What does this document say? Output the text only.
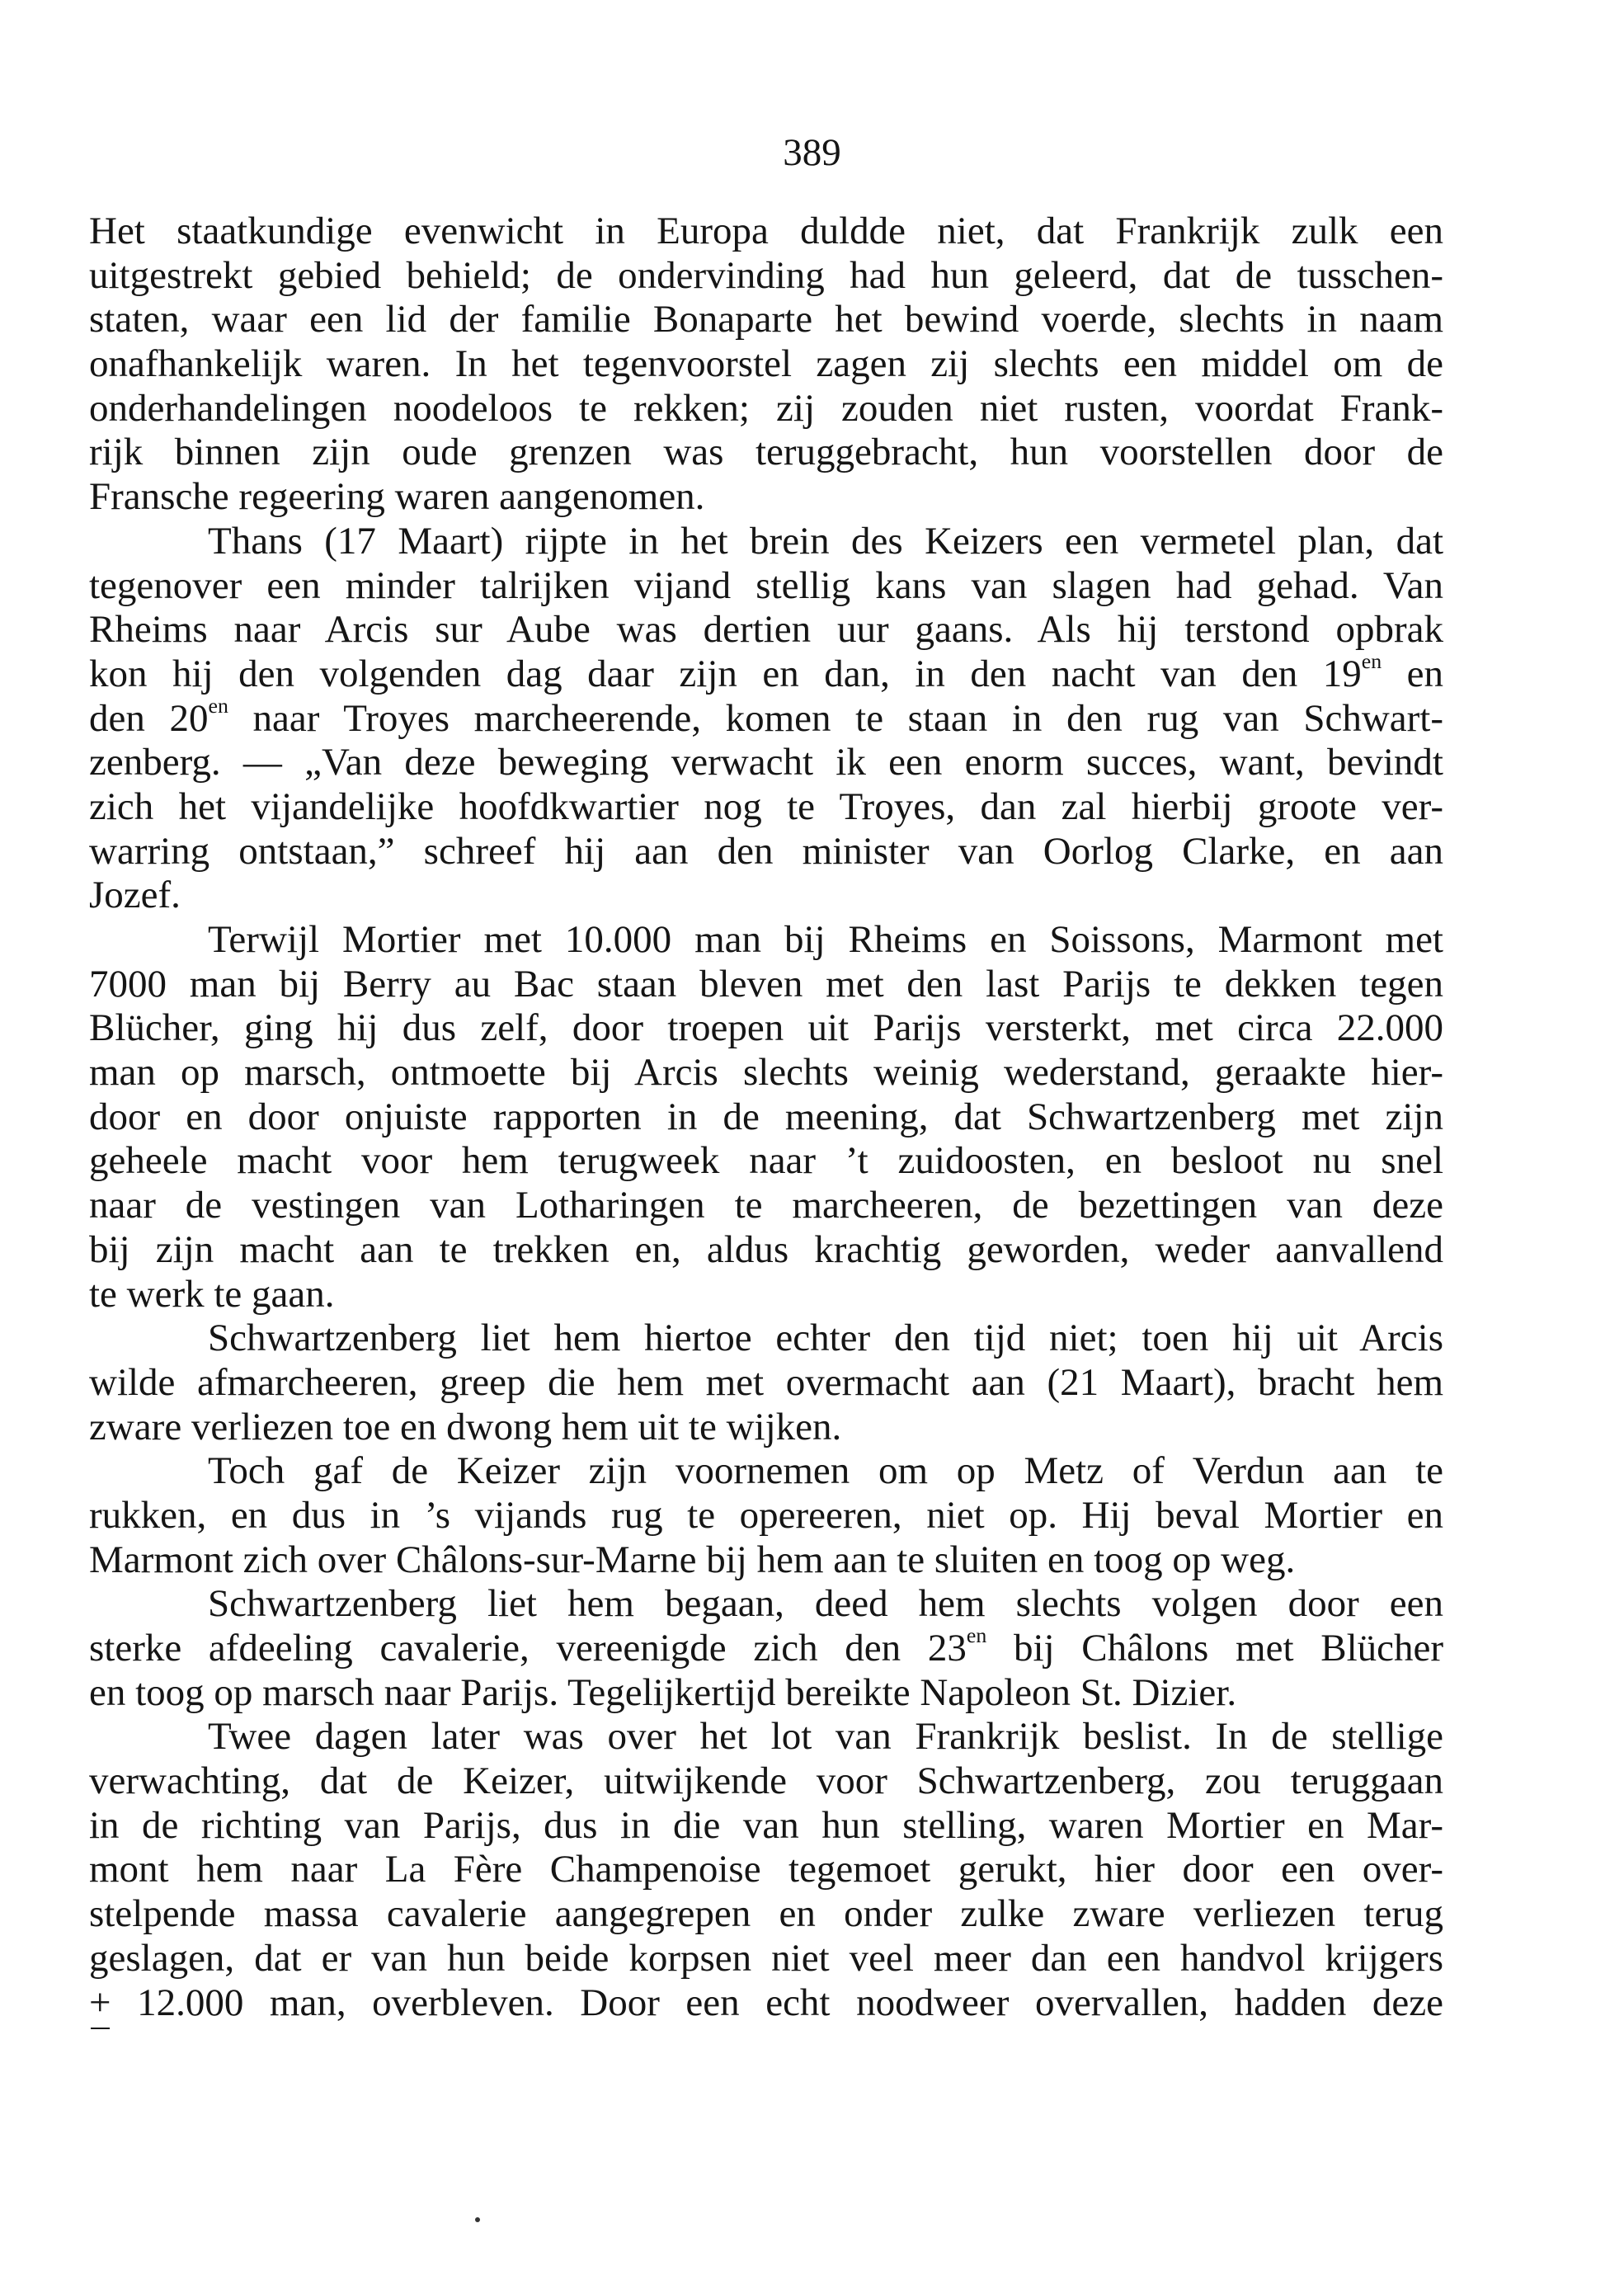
389
Het staatkundige evenwicht in Europa duldde niet, dat Frankrijk zulk een
uitgestrekt gebied behield; de ondervinding had hun geleerd, dat de tusschen-
staten, waar een lid der familie Bonaparte het bewind voerde, slechts in naam
onafhankelijk waren. In het tegenvoorstel zagen zij slechts een middel om de
onderhandelingen noodeloos te rekken; zij zouden niet rusten, voordat Frank-
rijk binnen zijn oude grenzen was teruggebracht, hun voorstellen door de
Fransche regeering waren aangenomen.
Thans (17 Maart) rijpte in het brein des Keizers een vermetel plan, dat
tegenover een minder talrijken vijand stellig kans van slagen had gehad. Van
Rheims naar Arcis sur Aube was dertien uur gaans. Als hij terstond opbrak
kon hij den volgenden dag daar zijn en dan, in den nacht van den $19^{en}$ en
den $20^{en}$ naar Troyes marcheerende, komen te staan in den rug van Schwart-
zenberg. — „Van deze beweging verwacht ik een enorm succes, want, bevindt
zich het vijandelijke hoofdkwartier nog te Troyes, dan zal hierbij groote ver-
warring ontstaan,” schreef hij aan den minister van Oorlog Clarke, en aan
Jozef.
Terwijl Mortier met 10.000 man bij Rheims en Soissons, Marmont met
7000 man bij Berry au Bac staan bleven met den last Parijs te dekken tegen
Blücher, ging hij dus zelf, door troepen uit Parijs versterkt, met circa 22.000
man op marsch, ontmoette bij Arcis slechts weinig wederstand, geraakte hier-
door en door onjuiste rapporten in de meening, dat Schwartzenberg met zijn
geheele macht voor hem terugweek naar ’t zuidoosten, en besloot nu snel
naar de vestingen van Lotharingen te marcheeren, de bezettingen van deze
bij zijn macht aan te trekken en, aldus krachtig geworden, weder aanvallend
te werk te gaan.
Schwartzenberg liet hem hiertoe echter den tijd niet; toen hij uit Arcis
wilde afmarcheeren, greep die hem met overmacht aan (21 Maart), bracht hem
zware verliezen toe en dwong hem uit te wijken.
Toch gaf de Keizer zijn voornemen om op Metz of Verdun aan te
rukken, en dus in ’s vijands rug te opereeren, niet op. Hij beval Mortier en
Marmont zich over Châlons-sur-Marne bij hem aan te sluiten en toog op weg.
Schwartzenberg liet hem begaan, deed hem slechts volgen door een
sterke afdeeling cavalerie, vereenigde zich den $23^{en}$ bij Châlons met Blücher
en toog op marsch naar Parijs. Tegelijkertijd bereikte Napoleon St. Dizier.
Twee dagen later was over het lot van Frankrijk beslist. In de stellige
verwachting, dat de Keizer, uitwijkende voor Schwartzenberg, zou teruggaan
in de richting van Parijs, dus in die van hun stelling, waren Mortier en Mar-
mont hem naar La Fère Champenoise tegemoet gerukt, hier door een over-
stelpende massa cavalerie aangegrepen en onder zulke zware verliezen terug
geslagen, dat er van hun beide korpsen niet veel meer dan een handvol krijgers
+ 12.000 man, overbleven. Door een echt noodweer overvallen, hadden deze
